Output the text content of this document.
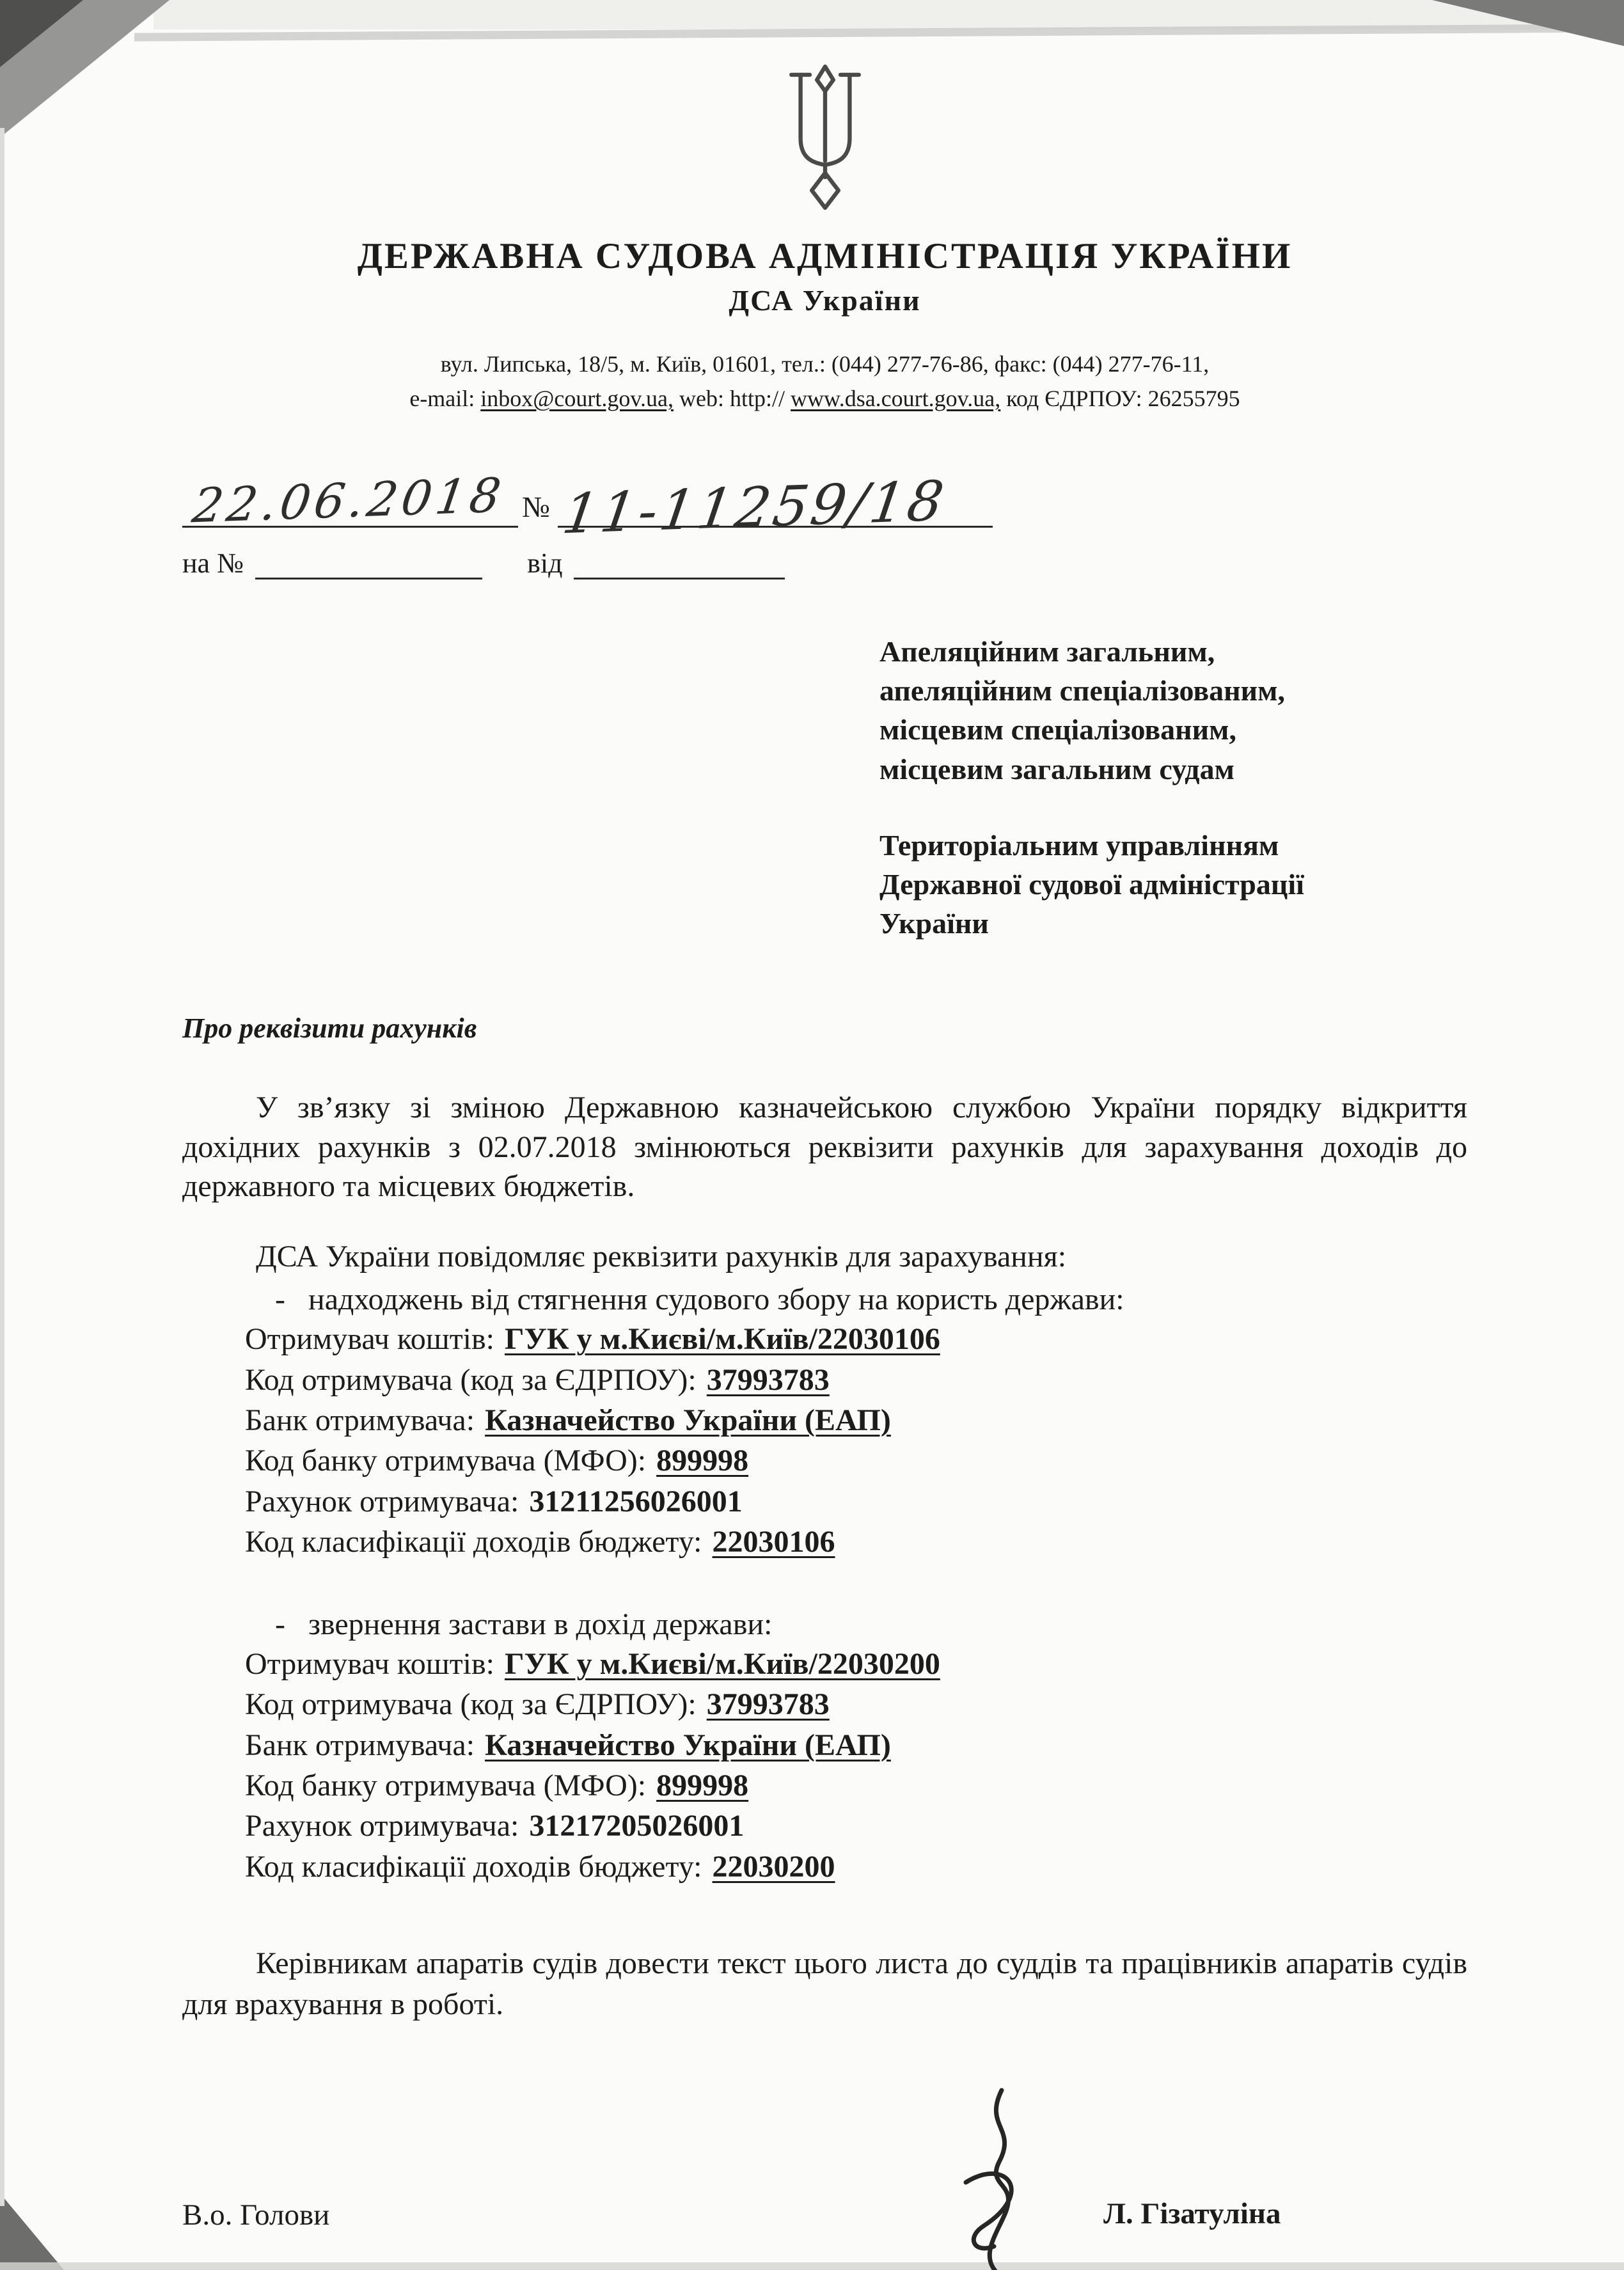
ДЕРЖАВНА СУДОВА АДМІНІСТРАЦІЯ УКРАЇНИ
ДСА України
вул. Липська, 18/5, м. Київ, 01601, тел.: (044) 277-76-86, факс: (044) 277-76-11,
e-mail: inbox@court.gov.ua, web: http:// www.dsa.court.gov.ua, код ЄДРПОУ: 26255795
22.06.2018 № 11-11259/18
на №	від
Апеляційним загальним,
апеляційним спеціалізованим,
місцевим спеціалізованим,
місцевим загальним судам
Територіальним управлінням
Державної судової адміністрації
України
Про реквізити рахунків
У зв’язку зі зміною Державною казначейською службою України порядку відкриття дохідних рахунків з 02.07.2018 змінюються реквізити рахунків для зарахування доходів до державного та місцевих бюджетів.
ДСА України повідомляє реквізити рахунків для зарахування:
- надходжень від стягнення судового збору на користь держави:
Отримувач коштів: ГУК у м.Києві/м.Київ/22030106
Код отримувача (код за ЄДРПОУ): 37993783
Банк отримувача: Казначейство України (ЕАП)
Код банку отримувача (МФО): 899998
Рахунок отримувача: 31211256026001
Код класифікації доходів бюджету: 22030106
- звернення застави в дохід держави:
Отримувач коштів: ГУК у м.Києві/м.Київ/22030200
Код отримувача (код за ЄДРПОУ): 37993783
Банк отримувача: Казначейство України (ЕАП)
Код банку отримувача (МФО): 899998
Рахунок отримувача: 31217205026001
Код класифікації доходів бюджету: 22030200
Керівникам апаратів судів довести текст цього листа до суддів та працівників апаратів судів для врахування в роботі.
В.о. Голови	Л. Гізатуліна
